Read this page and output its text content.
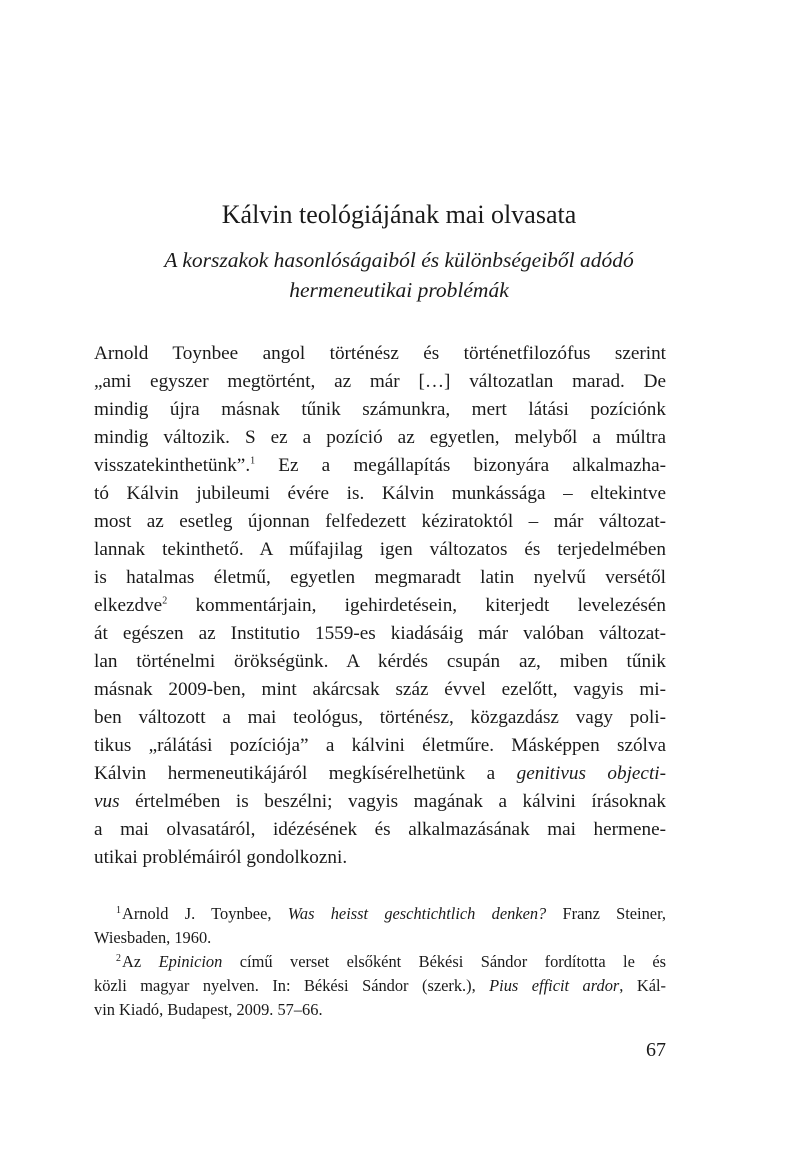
Kálvin teológiájának mai olvasata
A korszakok hasonlóságaiból és különbségeiből adódó
hermeneutikai problémák
Arnold Toynbee angol történész és történetfilozófus szerint
„ami egyszer megtörtént, az már […] változatlan marad. De
mindig újra másnak tűnik számunkra, mert látási pozíciónk
mindig változik. S ez a pozíció az egyetlen, melyből a múltra
visszatekinthetünk”.$^1$ Ez a megállapítás bizonyára alkalmazha-
tó Kálvin jubileumi évére is. Kálvin munkássága – eltekintve
most az esetleg újonnan felfedezett kéziratoktól – már változat-
lannak tekinthető. A műfajilag igen változatos és terjedelmében
is hatalmas életmű, egyetlen megmaradt latin nyelvű versétől
elkezdve$^2$ kommentárjain, igehirdetésein, kiterjedt levelezésén
át egészen az Institutio 1559-es kiadásáig már valóban változat-
lan történelmi örökségünk. A kérdés csupán az, miben tűnik
másnak 2009-ben, mint akárcsak száz évvel ezelőtt, vagyis mi-
ben változott a mai teológus, történész, közgazdász vagy poli-
tikus „rálátási pozíciója” a kálvini életműre. Másképpen szólva
Kálvin hermeneutikájáról megkísérelhetünk a genitivus objecti-
vus értelmében is beszélni; vagyis magának a kálvini írásoknak
a mai olvasatáról, idézésének és alkalmazásának mai hermene-
utikai problémáiról gondolkozni.
$^1$Arnold J. Toynbee, Was heisst geschtichtlich denken? Franz Steiner,
Wiesbaden, 1960.
$^2$Az Epinicion című verset elsőként Békési Sándor fordította le és
közli magyar nyelven. In: Békési Sándor (szerk.), Pius efficit ardor, Kál-
vin Kiadó, Budapest, 2009. 57–66.
67
